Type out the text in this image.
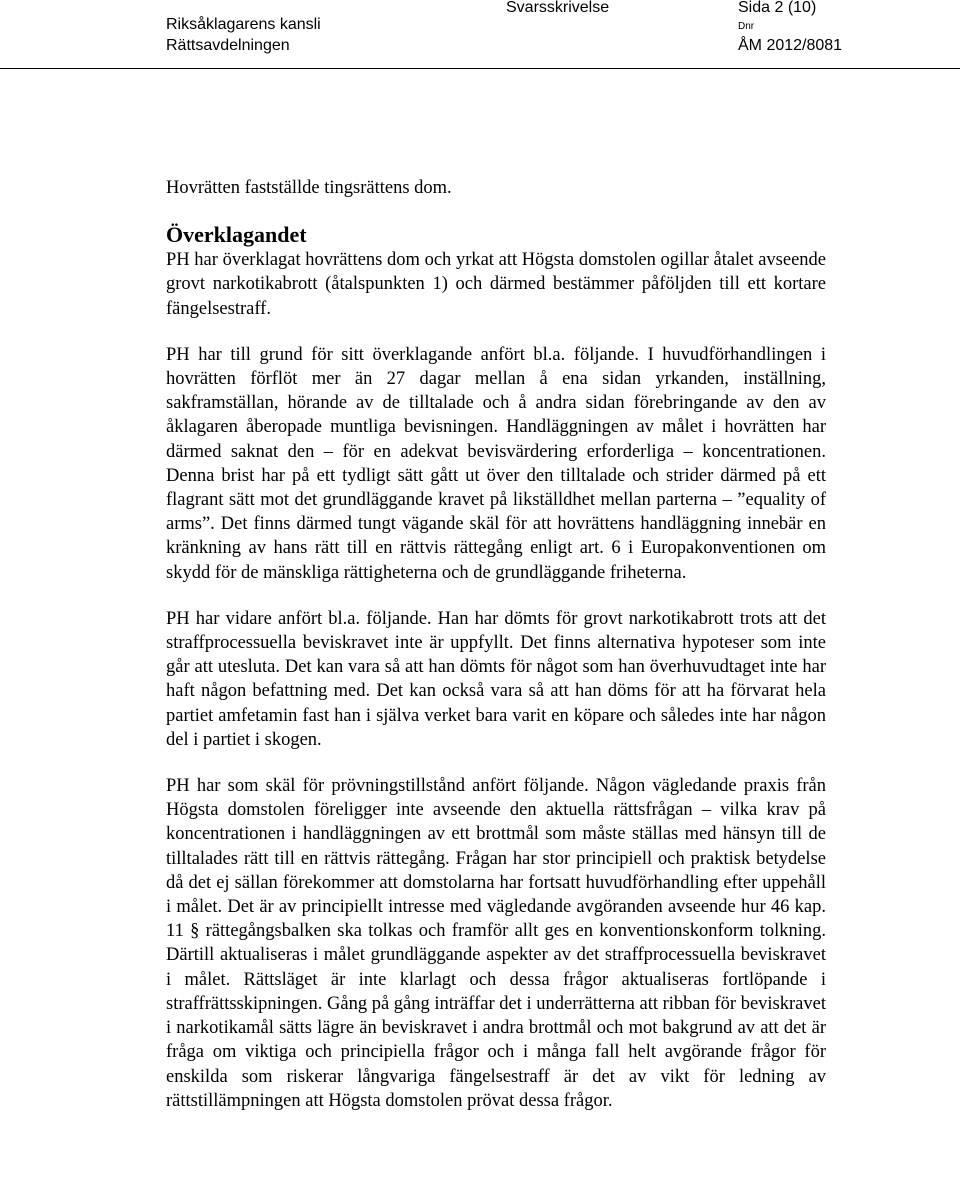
Riksåklagarens kansli
Rättsavdelningen
Svarsskrivelse	Sida 2 (10)
Dnr
ÅM 2012/8081

Hovrätten fastställde tingsrättens dom.

Överklagandet

PH har överklagat hovrättens dom och yrkat att Högsta domstolen ogillar åtalet avseende grovt narkotikabrott (åtalspunkten 1) och därmed bestämmer påföljden till ett kortare fängelsestraff.

PH har till grund för sitt överklagande anfört bl.a. följande. I huvudförhandlingen i hovrätten förflöt mer än 27 dagar mellan å ena sidan yrkanden, inställning, sakframställan, hörande av de tilltalade och å andra sidan förebringande av den av åklagaren åberopade muntliga bevisningen. Handläggningen av målet i hovrätten har därmed saknat den – för en adekvat bevisvärdering erforderliga – koncentrationen. Denna brist har på ett tydligt sätt gått ut över den tilltalade och strider därmed på ett flagrant sätt mot det grundläggande kravet på likställdhet mellan parterna – ”equality of arms”. Det finns därmed tungt vägande skäl för att hovrättens handläggning innebär en kränkning av hans rätt till en rättvis rättegång enligt art. 6 i Europakonventionen om skydd för de mänskliga rättigheterna och de grundläggande friheterna.

PH har vidare anfört bl.a. följande. Han har dömts för grovt narkotikabrott trots att det straffprocessuella beviskravet inte är uppfyllt. Det finns alternativa hypoteser som inte går att utesluta. Det kan vara så att han dömts för något som han överhuvudtaget inte har haft någon befattning med. Det kan också vara så att han döms för att ha förvarat hela partiet amfetamin fast han i själva verket bara varit en köpare och således inte har någon del i partiet i skogen.

PH har som skäl för prövningstillstånd anfört följande. Någon vägledande praxis från Högsta domstolen föreligger inte avseende den aktuella rättsfrågan – vilka krav på koncentrationen i handläggningen av ett brottmål som måste ställas med hänsyn till de tilltalades rätt till en rättvis rättegång. Frågan har stor principiell och praktisk betydelse då det ej sällan förekommer att domstolarna har fortsatt huvudförhandling efter uppehåll i målet. Det är av principiellt intresse med vägledande avgöranden avseende hur 46 kap. 11 § rättegångsbalken ska tolkas och framför allt ges en konventionskonform tolkning. Därtill aktualiseras i målet grundläggande aspekter av det straffprocessuella beviskravet i målet. Rättsläget är inte klarlagt och dessa frågor aktualiseras fortlöpande i straffrättsskipningen. Gång på gång inträffar det i underrätterna att ribban för beviskravet i narkotikamål sätts lägre än beviskravet i andra brottmål och mot bakgrund av att det är fråga om viktiga och principiella frågor och i många fall helt avgörande frågor för enskilda som riskerar långvariga fängelsestraff är det av vikt för ledning av rättstillämpningen att Högsta domstolen prövat dessa frågor.
